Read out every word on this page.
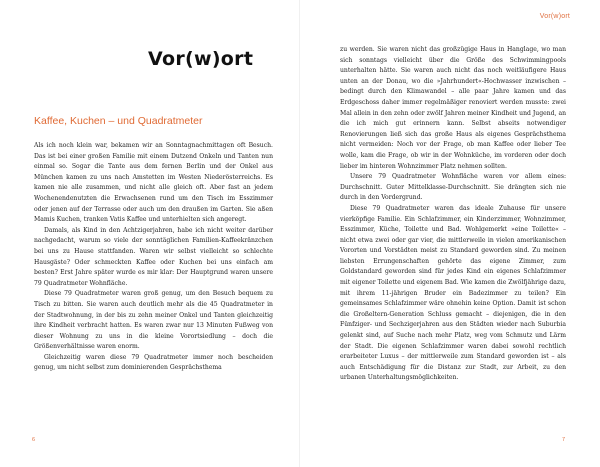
Vor(w)ort
Kaffee, Kuchen – und Quadratmeter

Als ich noch klein war, bekamen wir an Sonntagnachmittagen oft Besuch. Das ist bei einer großen Familie mit einem Dutzend Onkeln und Tanten nun einmal so. Sogar die Tante aus dem fernen Berlin und der Onkel aus München kamen zu uns nach Amstetten im Westen Niederösterreichs. Es kamen nie alle zusammen, und nicht alle gleich oft. Aber fast an jedem Wochenendenutzten die Erwachsenen rund um den Tisch im Esszimmer oder jenen auf der Terrasse oder auch um den draußen im Garten. Sie aßen Mamis Kuchen, tranken Vatis Kaffee und unterhielten sich angeregt.

Damals, als Kind in den Achtzigerjahren, habe ich nicht weiter darüber nachgedacht, warum so viele der sonntäglichen Familien-Kaffeekränzchen bei uns zu Hause stattfanden. Waren wir selbst vielleicht so schlechte Hausgäste? Oder schmeckten Kaffee oder Kuchen bei uns einfach am besten? Erst Jahre später wurde es mir klar: Der Hauptgrund waren unsere 79 Quadratmeter Wohnfläche.

Diese 79 Quadratmeter waren groß genug, um den Besuch bequem zu Tisch zu bitten. Sie waren auch deutlich mehr als die 45 Quadratmeter in der Stadtwohnung, in der bis zu zehn meiner Onkel und Tanten gleichzeitig ihre Kindheit verbracht hatten. Es waren zwar nur 13 Minuten Fußweg von dieser Wohnung zu uns in die kleine Vorortsiedlung – doch die Größenverhältnisse waren enorm.

Gleichzeitig waren diese 79 Quadratmeter immer noch bescheiden genug, um nicht selbst zum dominierenden Gesprächsthema

6
Vor(w)ort

zu werden. Sie waren nicht das großzügige Haus in Hanglage, wo man sich sonntags vielleicht über die Größe des Schwimmingpools unterhalten hätte. Sie waren auch nicht das noch weitläufigere Haus unten an der Donau, wo die »Jahrhundert«-Hochwasser inzwischen – bedingt durch den Klimawandel – alle paar Jahre kamen und das Erdgeschoss daher immer regelmäßiger renoviert werden musste: zwei Mal allein in den zehn oder zwölf Jahren meiner Kindheit und Jugend, an die ich mich gut erinnern kann. Selbst abseits notwendiger Renovierungen ließ sich das große Haus als eigenes Gesprächsthema nicht vermeiden: Noch vor der Frage, ob man Kaffee oder lieber Tee wolle, kam die Frage, ob wir in der Wohnküche, im vorderen oder doch lieber im hinteren Wohnzimmer Platz nehmen sollten.

Unsere 79 Quadratmeter Wohnfläche waren vor allem eines: Durchschnitt. Guter Mittelklasse-Durchschnitt. Sie drängten sich nie durch in den Vordergrund.

Diese 79 Quadratmeter waren das ideale Zuhause für unsere vierköpfige Familie. Ein Schlafzimmer, ein Kinderzimmer, Wohnzimmer, Esszimmer, Küche, Toilette und Bad. Wohlgemerkt »eine Toilette« – nicht etwa zwei oder gar vier, die mittlerweile in vielen amerikanischen Vororten und Vorstädten meist zu Standard geworden sind. Zu meinen liebsten Errungenschaften gehörte das eigene Zimmer, zum Goldstandard geworden sind für jedes Kind ein eigenes Schlafzimmer mit eigener Toilette und eigenem Bad. Wie kamen die Zwölfjährige dazu, mit ihrem 11-jährigen Bruder ein Badezimmer zu teilen? Ein gemeinsames Schlafzimmer wäre ohnehin keine Option. Damit ist schon die Großeltern-Generation Schluss gemacht – diejenigen, die in den Fünfziger- und Sechzigerjahren aus den Städten wieder nach Suburbia gelenkt sind, auf Suche nach mehr Platz, weg vom Schmutz und Lärm der Stadt. Die eigenen Schlafzimmer waren dabei sowohl rechtlich erarbeiteter Luxus – der mittlerweile zum Standard geworden ist – als auch Entschädigung für die Distanz zur Stadt, zur Arbeit, zu den urbanen Unterhaltungsmöglichkeiten.

7
